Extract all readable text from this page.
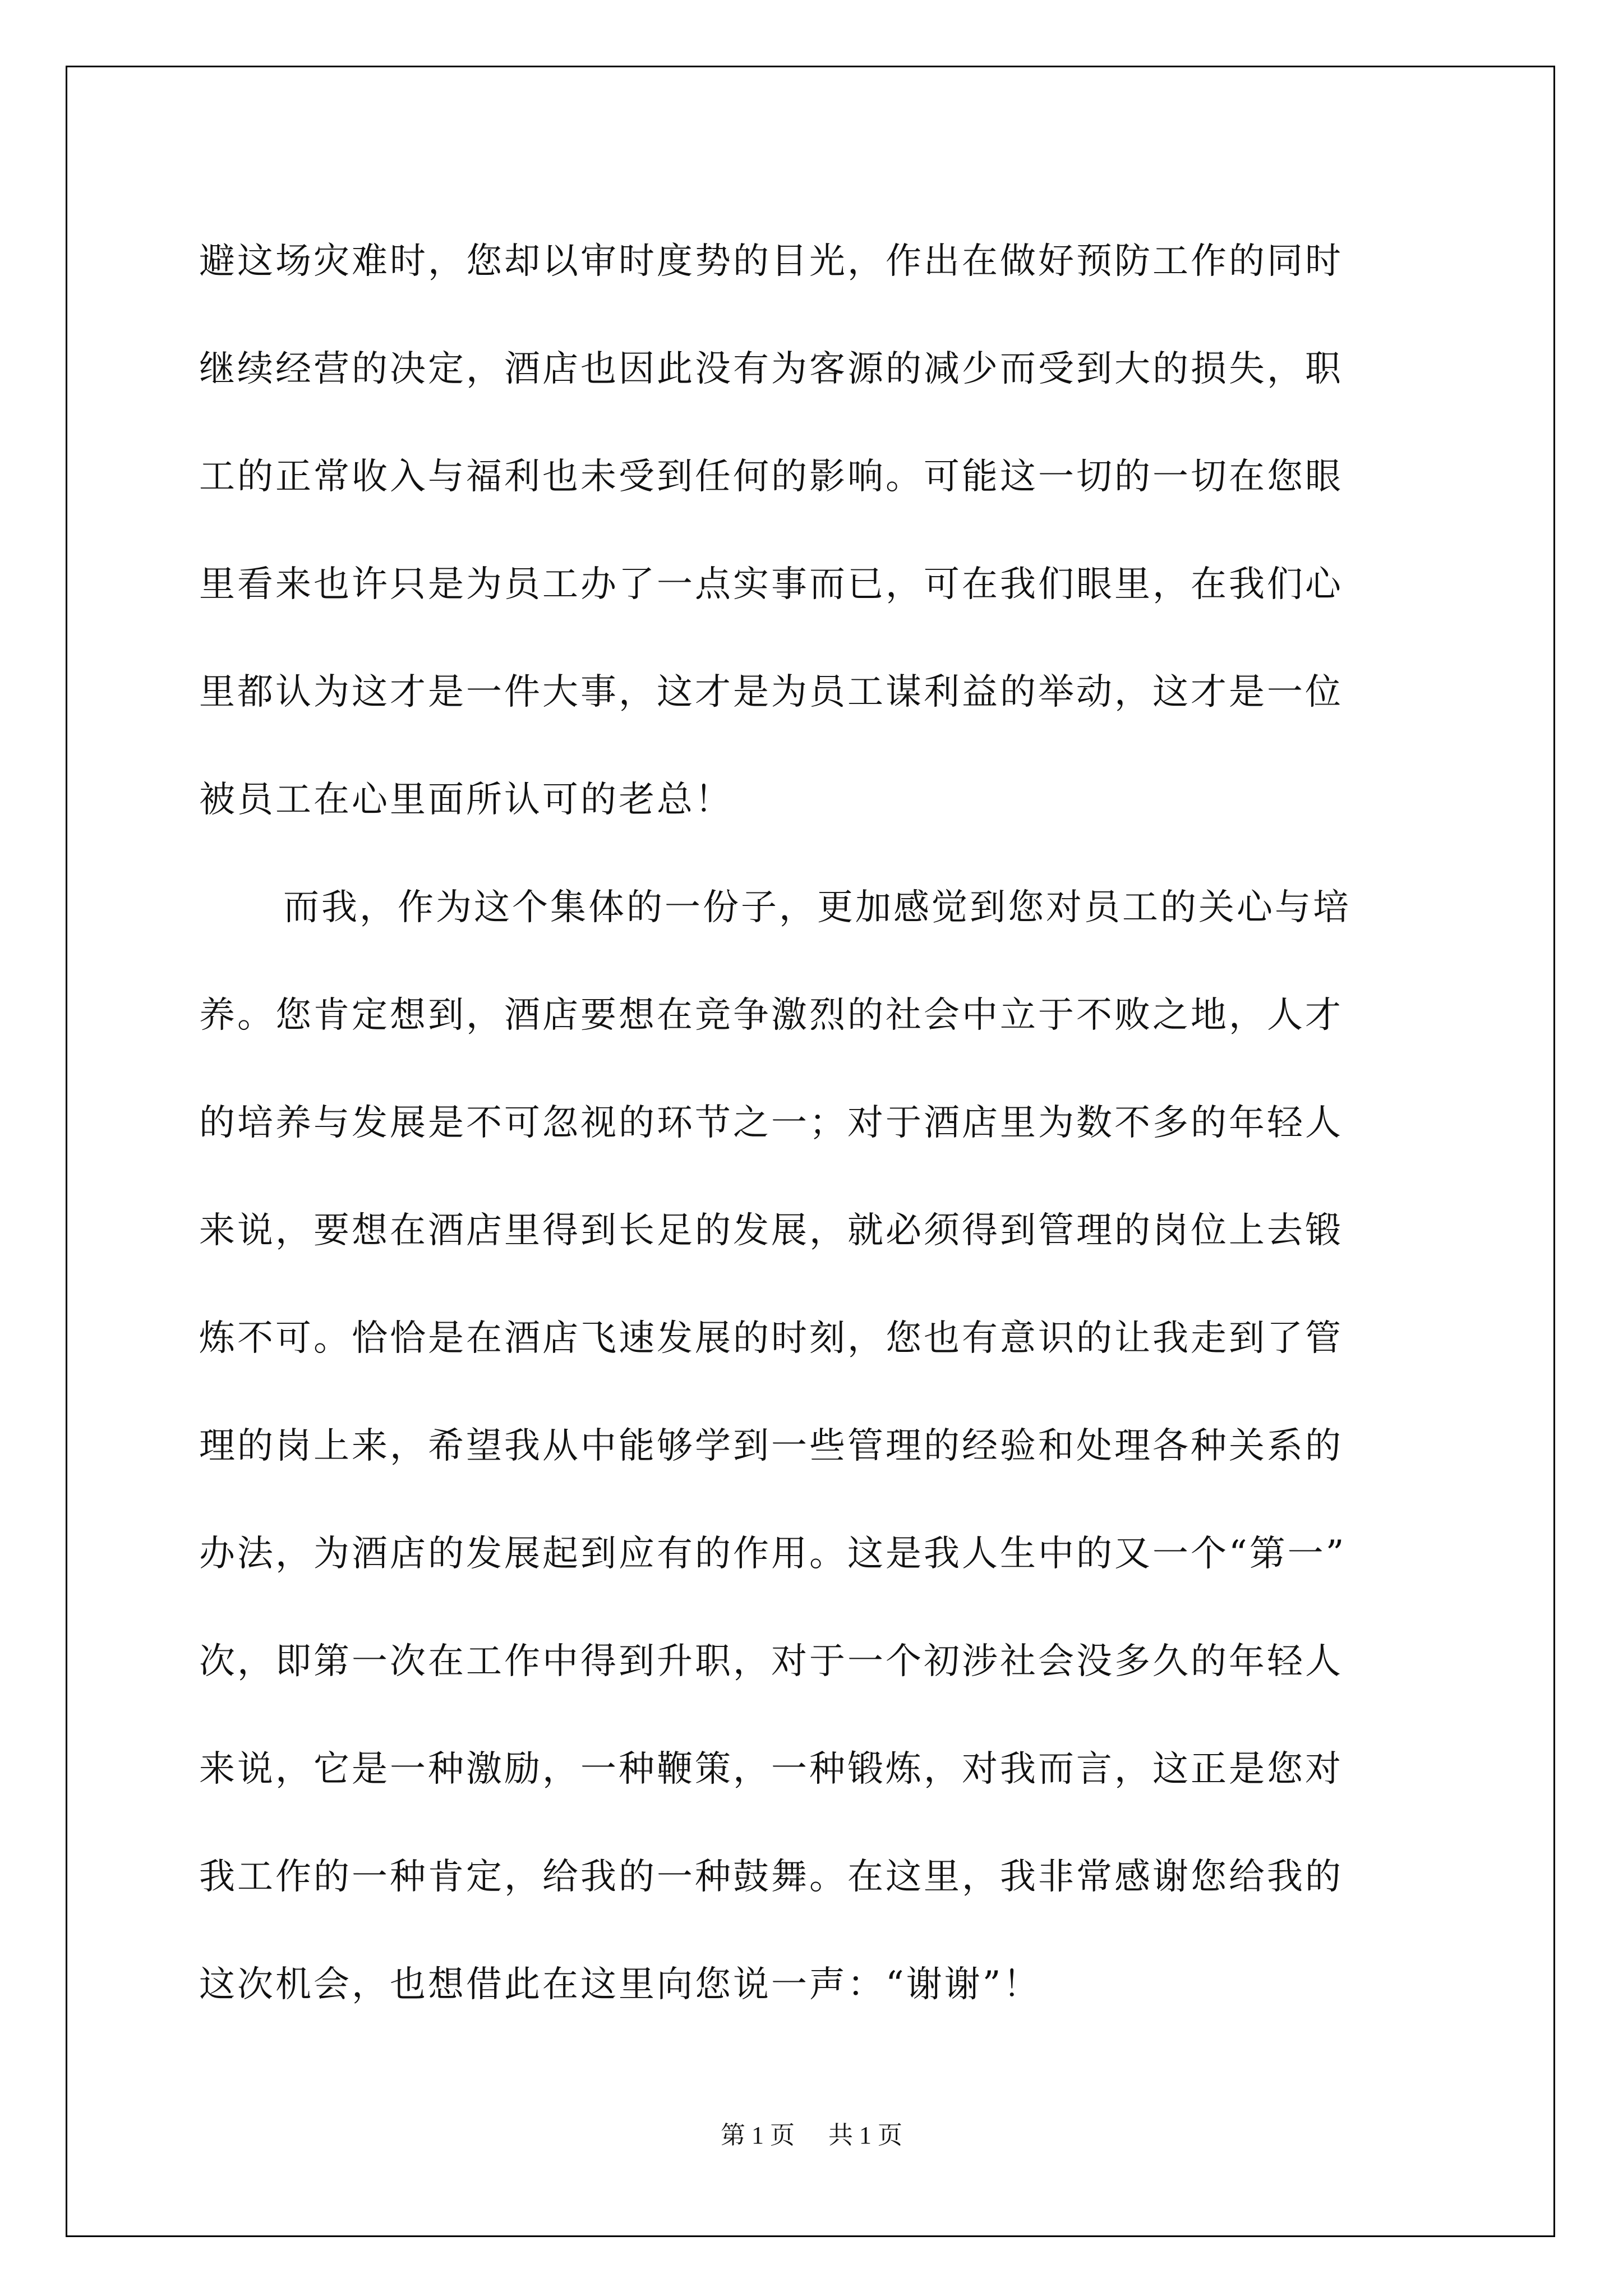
避这场灾难时，您却以审时度势的目光，作出在做好预防工作的同时
继续经营的决定，酒店也因此没有为客源的减少而受到大的损失，职
工的正常收入与福利也未受到任何的影响。可能这一切的一切在您眼
里看来也许只是为员工办了一点实事而已，可在我们眼里，在我们心
里都认为这才是一件大事，这才是为员工谋利益的举动，这才是一位
被员工在心里面所认可的老总！
而我，作为这个集体的一份子，更加感觉到您对员工的关心与培
养。您肯定想到，酒店要想在竞争激烈的社会中立于不败之地，人才
的培养与发展是不可忽视的环节之一；对于酒店里为数不多的年轻人
来说，要想在酒店里得到长足的发展，就必须得到管理的岗位上去锻
炼不可。恰恰是在酒店飞速发展的时刻，您也有意识的让我走到了管
理的岗上来，希望我从中能够学到一些管理的经验和处理各种关系的
办法，为酒店的发展起到应有的作用。这是我人生中的又一个“第一”
次，即第一次在工作中得到升职，对于一个初涉社会没多久的年轻人
来说，它是一种激励，一种鞭策，一种锻炼，对我而言，这正是您对
我工作的一种肯定，给我的一种鼓舞。在这里，我非常感谢您给我的
这次机会，也想借此在这里向您说一声：“谢谢”！
第 1 页 共 1 页
